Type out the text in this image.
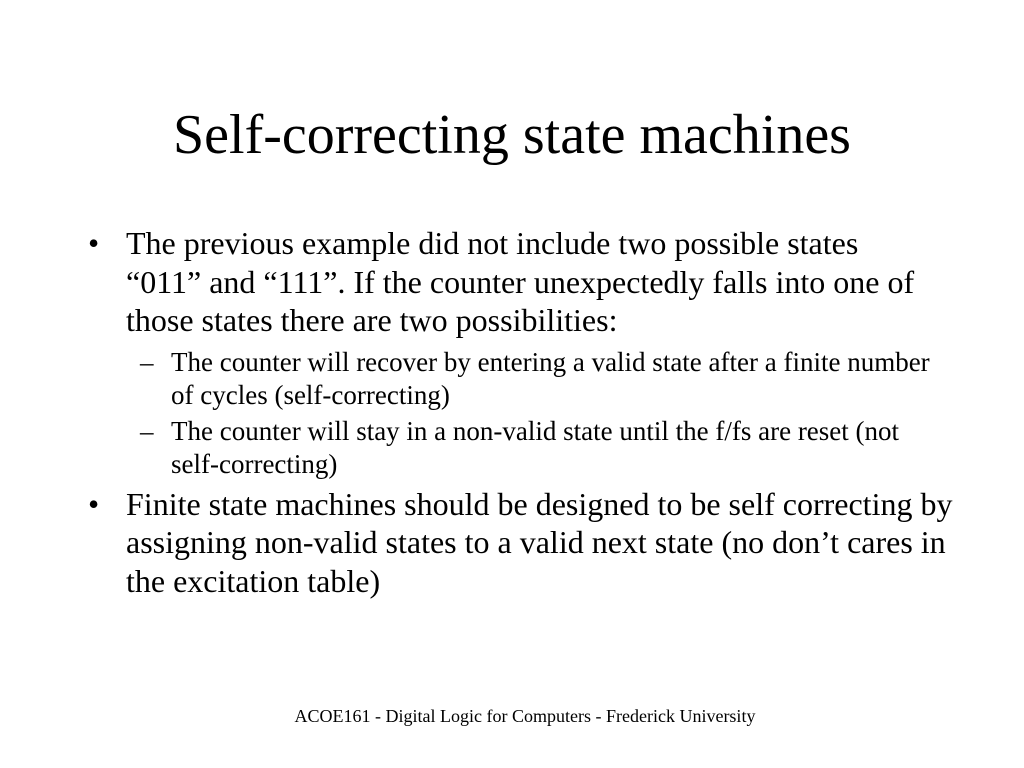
Self-correcting state machines

• The previous example did not include two possible states “011” and “111”. If the counter unexpectedly falls into one of those states there are two possibilities:

– The counter will recover by entering a valid state after a finite number of cycles (self-correcting)

– The counter will stay in a non-valid state until the f/fs are reset (not self-correcting)

• Finite state machines should be designed to be self correcting by assigning non-valid states to a valid next state (no don’t cares in the excitation table)

ACOE161 - Digital Logic for Computers - Frederick University
